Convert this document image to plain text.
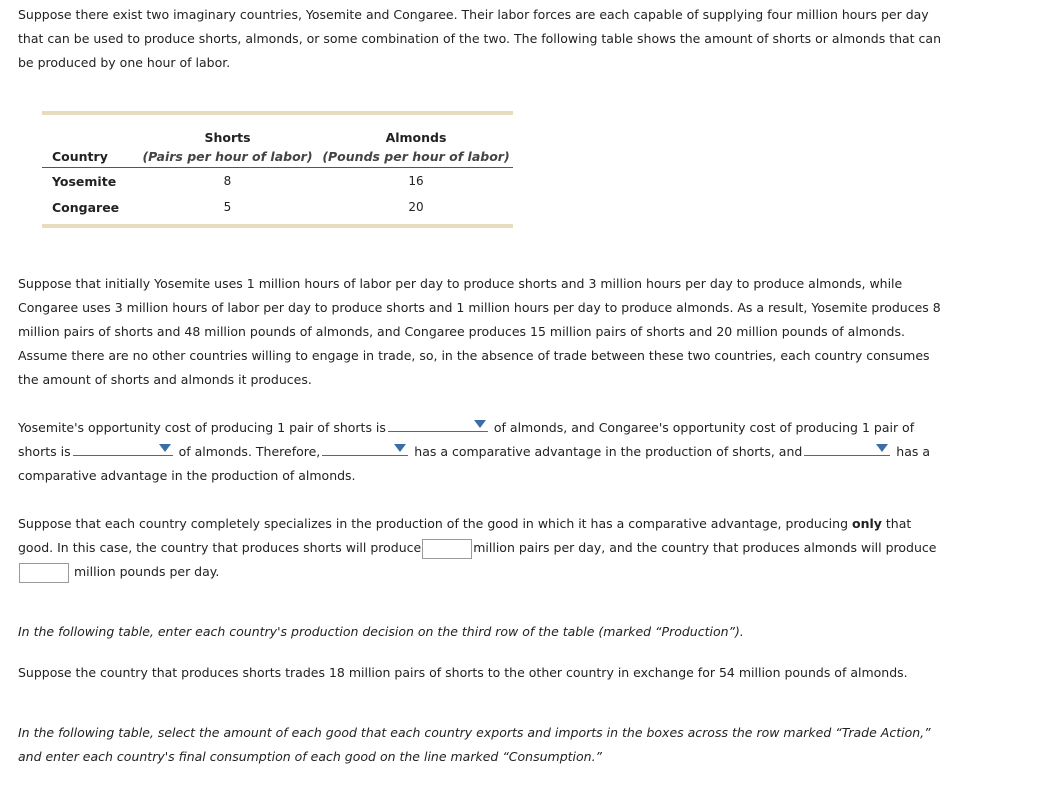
Suppose there exist two imaginary countries, Yosemite and Congaree. Their labor forces are each capable of supplying four million hours per day that can be used to produce shorts, almonds, or some combination of the two. The following table shows the amount of shorts or almonds that can be produced by one hour of labor.

	Shorts	Almonds
Country	(Pairs per hour of labor)	(Pounds per hour of labor)
Yosemite	8	16
Congaree	5	20

Suppose that initially Yosemite uses 1 million hours of labor per day to produce shorts and 3 million hours per day to produce almonds, while Congaree uses 3 million hours of labor per day to produce shorts and 1 million hours per day to produce almonds. As a result, Yosemite produces 8 million pairs of shorts and 48 million pounds of almonds, and Congaree produces 15 million pairs of shorts and 20 million pounds of almonds. Assume there are no other countries willing to engage in trade, so, in the absence of trade between these two countries, each country consumes the amount of shorts and almonds it produces.

Yosemite's opportunity cost of producing 1 pair of shorts is	of almonds, and Congaree's opportunity cost of producing 1 pair of shorts is	of almonds. Therefore,	has a comparative advantage in the production of shorts, and	has a comparative advantage in the production of almonds.

Suppose that each country completely specializes in the production of the good in which it has a comparative advantage, producing only that good. In this case, the country that produces shorts will produce	million pairs per day, and the country that produces almonds will produce million pounds per day.

In the following table, enter each country's production decision on the third row of the table (marked “Production”).

Suppose the country that produces shorts trades 18 million pairs of shorts to the other country in exchange for 54 million pounds of almonds.

In the following table, select the amount of each good that each country exports and imports in the boxes across the row marked “Trade Action,” and enter each country's final consumption of each good on the line marked “Consumption.”
